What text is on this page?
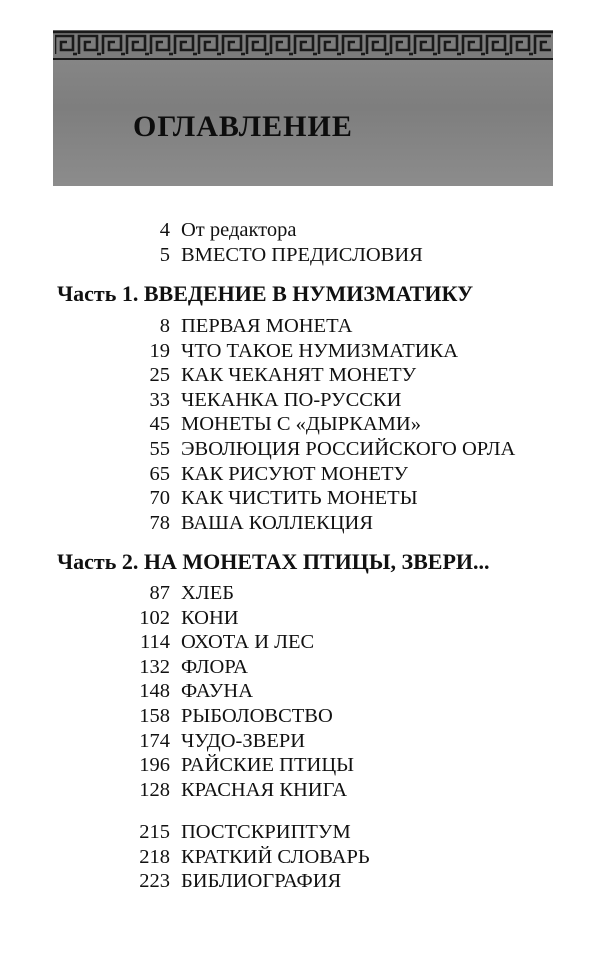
ОГЛАВЛЕНИЕ
4 От редактора
5 ВМЕСТО ПРЕДИСЛОВИЯ
Часть 1. ВВЕДЕНИЕ В НУМИЗМАТИКУ
8 ПЕРВАЯ МОНЕТА
19 ЧТО ТАКОЕ НУМИЗМАТИКА
25 КАК ЧЕКАНЯТ МОНЕТУ
33 ЧЕКАНКА ПО-РУССКИ
45 МОНЕТЫ С «ДЫРКАМИ»
55 ЭВОЛЮЦИЯ РОССИЙСКОГО ОРЛА
65 КАК РИСУЮТ МОНЕТУ
70 КАК ЧИСТИТЬ МОНЕТЫ
78 ВАША КОЛЛЕКЦИЯ
Часть 2. НА МОНЕТАХ ПТИЦЫ, ЗВЕРИ...
87 ХЛЕБ
102 КОНИ
114 ОХОТА И ЛЕС
132 ФЛОРА
148 ФАУНА
158 РЫБОЛОВСТВО
174 ЧУДО-ЗВЕРИ
196 РАЙСКИЕ ПТИЦЫ
128 КРАСНАЯ КНИГА
215 ПОСТСКРИПТУМ
218 КРАТКИЙ СЛОВАРЬ
223 БИБЛИОГРАФИЯ
